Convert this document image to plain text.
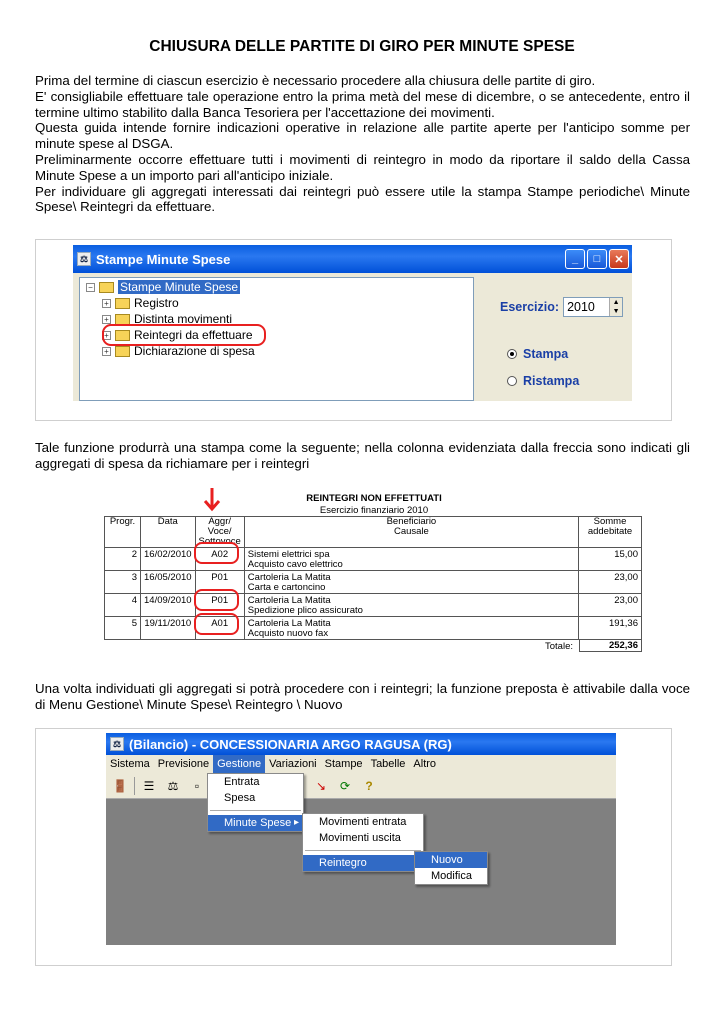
CHIUSURA DELLE PARTITE DI GIRO PER MINUTE SPESE

Prima del termine di ciascun esercizio è necessario procedere alla chiusura delle partite di giro.

E' consigliabile effettuare tale operazione entro la prima metà del mese di dicembre, o se antecedente, entro il termine ultimo stabilito dalla Banca Tesoriera per l'accettazione dei movimenti.

Questa guida intende fornire indicazioni operative in relazione alle partite aperte per l'anticipo somme per minute spese al DSGA.

Preliminarmente occorre effettuare tutti i movimenti di reintegro in modo da riportare il saldo della Cassa Minute Spese a un importo pari all'anticipo iniziale.

Per individuare gli aggregati interessati dai reintegri può essere utile la stampa Stampe periodiche\ Minute Spese\ Reintegri da effettuare.

⚖ Stampe Minute Spese	_	□	✕
− Stampe Minute Spese
+ Registro
+ Distinta movimenti
+ Reintegri da effettuare
+ Dichiarazione di spesa
Esercizio: 2010	▲
▼
Stampa
Ristampa
Tale funzione produrrà una stampa come la seguente; nella colonna evidenziata dalla freccia sono indicati gli aggregati di spesa da richiamare per i reintegri
REINTEGRI NON EFFETTUATI
Esercizio finanziario 2010
Progr.	Data	Aggr/
Voce/
Sottovoce	Beneficiario
Causale	Somme
addebitate
2	16/02/2010	A02	Sistemi elettrici spa
Acquisto cavo elettrico	15,00
3	16/05/2010	P01	Cartoleria La Matita
Carta e cartoncino	23,00
4	14/09/2010	P01	Cartoleria La Matita
Spedizione plico assicurato	23,00
5	19/11/2010	A01	Cartoleria La Matita
Acquisto nuovo fax	191,36
Totale:	252,36
Una volta individuati gli aggregati si potrà procedere con i reintegri; la funzione preposta è attivabile dalla voce di Menu Gestione\ Minute Spese\ Reintegro \ Nuovo
⚖ (Bilancio) - CONCESSIONARIA ARGO RAGUSA (RG)
Sistema Previsione Gestione Variazioni Stampe Tabelle Altro
🚪	☰	⚖	▫	↘	⟳	?
Entrata
Spesa
Minute Spese ▸	Movimenti entrata
Movimenti uscita
Reintegro ▸	Nuovo
Modifica
